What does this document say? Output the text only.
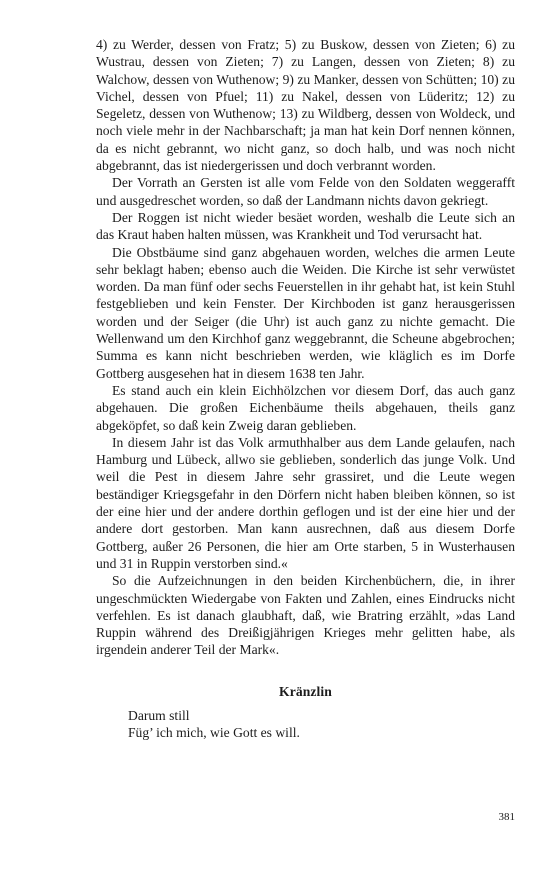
4) zu Werder, dessen von Fratz; 5) zu Buskow, dessen von Zieten; 6) zu Wustrau, dessen von Zieten; 7) zu Langen, dessen von Zieten; 8) zu Walchow, dessen von Wuthenow; 9) zu Manker, dessen von Schütten; 10) zu Vichel, dessen von Pfuel; 11) zu Nakel, dessen von Lüderitz; 12) zu Segeletz, dessen von Wuthenow; 13) zu Wildberg, dessen von Woldeck, und noch viele mehr in der Nachbarschaft; ja man hat kein Dorf nennen können, da es nicht gebrannt, wo nicht ganz, so doch halb, und was noch nicht abgebrannt, das ist niedergerissen und doch verbrannt worden.

Der Vorrath an Gersten ist alle vom Felde von den Soldaten weggerafft und ausgedreschet worden, so daß der Landmann nichts davon gekriegt.

Der Roggen ist nicht wieder besäet worden, weshalb die Leute sich an das Kraut haben halten müssen, was Krankheit und Tod verursacht hat.

Die Obstbäume sind ganz abgehauen worden, welches die armen Leute sehr beklagt haben; ebenso auch die Weiden. Die Kirche ist sehr verwüstet worden. Da man fünf oder sechs Feuerstellen in ihr gehabt hat, ist kein Stuhl festgeblieben und kein Fenster. Der Kirchboden ist ganz herausgerissen worden und der Seiger (die Uhr) ist auch ganz zu nichte gemacht. Die Wellenwand um den Kirchhof ganz weggebrannt, die Scheune abgebrochen; Summa es kann nicht beschrieben werden, wie kläglich es im Dorfe Gottberg ausgesehen hat in diesem 1638 ten Jahr.

Es stand auch ein klein Eichhölzchen vor diesem Dorf, das auch ganz abgehauen. Die großen Eichenbäume theils abgehauen, theils ganz abgeköpfet, so daß kein Zweig daran geblieben.

In diesem Jahr ist das Volk armuthhalber aus dem Lande gelaufen, nach Hamburg und Lübeck, allwo sie geblieben, sonderlich das junge Volk. Und weil die Pest in diesem Jahre sehr grassiret, und die Leute wegen beständiger Kriegsgefahr in den Dörfern nicht haben bleiben können, so ist der eine hier und der andere dorthin geflogen und ist der eine hier und der andere dort gestorben. Man kann ausrechnen, daß aus diesem Dorfe Gottberg, außer 26 Personen, die hier am Orte starben, 5 in Wusterhausen und 31 in Ruppin verstorben sind.«

So die Aufzeichnungen in den beiden Kirchenbüchern, die, in ihrer ungeschmückten Wiedergabe von Fakten und Zahlen, eines Eindrucks nicht verfehlen. Es ist danach glaubhaft, daß, wie Bratring erzählt, »das Land Ruppin während des Dreißigjährigen Krieges mehr gelitten habe, als irgendein anderer Teil der Mark«.

Kränzlin
Darum still
Füg’ ich mich, wie Gott es will.
381
